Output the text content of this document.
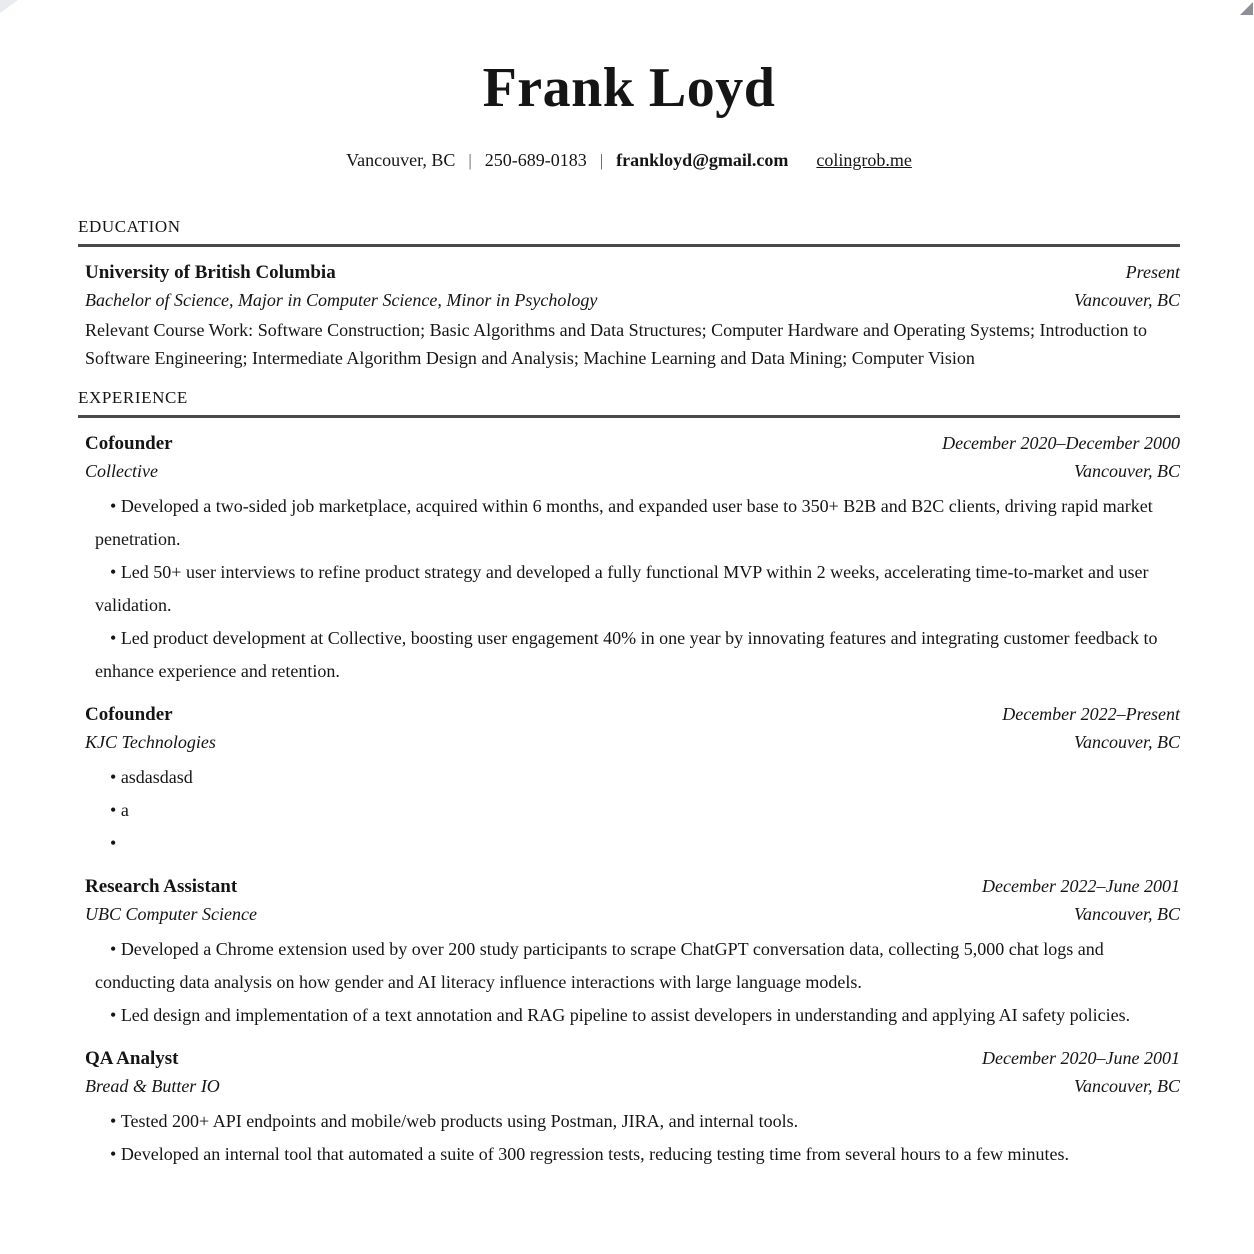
Frank Loyd
Vancouver, BC | 250-689-0183 | frankloyd@gmail.com colingrob.me
EDUCATION
University of British Columbia	Present
Bachelor of Science, Major in Computer Science, Minor in Psychology	Vancouver, BC

Relevant Course Work: Software Construction; Basic Algorithms and Data Structures; Computer Hardware and Operating Systems; Introduction to Software Engineering; Intermediate Algorithm Design and Analysis; Machine Learning and Data Mining; Computer Vision

EXPERIENCE
Cofounder	December 2020–December 2000
Collective	Vancouver, BC
• Developed a two-sided job marketplace, acquired within 6 months, and expanded user base to 350+ B2B and B2C clients, driving rapid market penetration.
• Led 50+ user interviews to refine product strategy and developed a fully functional MVP within 2 weeks, accelerating time-to-market and user validation.
• Led product development at Collective, boosting user engagement 40% in one year by innovating features and integrating customer feedback to enhance experience and retention.
Cofounder	December 2022–Present
KJC Technologies	Vancouver, BC
• asdasdasd
• a
•
Research Assistant	December 2022–June 2001
UBC Computer Science	Vancouver, BC
• Developed a Chrome extension used by over 200 study participants to scrape ChatGPT conversation data, collecting 5,000 chat logs and conducting data analysis on how gender and AI literacy influence interactions with large language models.
• Led design and implementation of a text annotation and RAG pipeline to assist developers in understanding and applying AI safety policies.
QA Analyst	December 2020–June 2001
Bread & Butter IO	Vancouver, BC
• Tested 200+ API endpoints and mobile/web products using Postman, JIRA, and internal tools.
• Developed an internal tool that automated a suite of 300 regression tests, reducing testing time from several hours to a few minutes.
